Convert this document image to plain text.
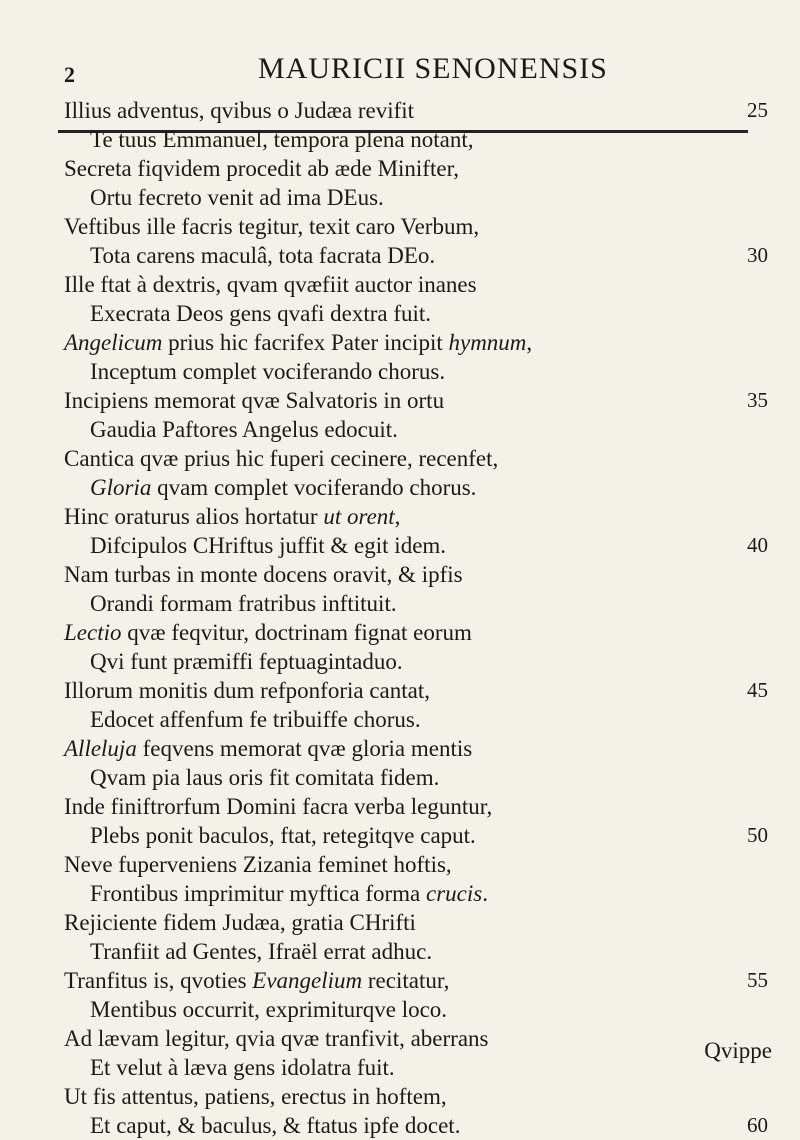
2	MAURICII SENONENSIS
Illius adventus, qvibus o Judæa revifit	25
Te tuus Emmanuel, tempora plena notant,
Secreta fiqvidem procedit ab æde Minifter,
Ortu fecreto venit ad ima DEus.
Veftibus ille facris tegitur, texit caro Verbum,
Tota carens maculâ, tota facrata DEo.	30
Ille ftat à dextris, qvam qvæfiit auctor inanes
Execrata Deos gens qvafi dextra fuit.
Angelicum prius hic facrifex Pater incipit hymnum,
Inceptum complet vociferando chorus.
Incipiens memorat qvæ Salvatoris in ortu	35
Gaudia Paftores Angelus edocuit.
Cantica qvæ prius hic fuperi cecinere, recenfet,
Gloria qvam complet vociferando chorus.
Hinc oraturus alios hortatur ut orent,
Difcipulos CHriftus juffit & egit idem.	40
Nam turbas in monte docens oravit, & ipfis
Orandi formam fratribus inftituit.
Lectio qvæ feqvitur, doctrinam fignat eorum
Qvi funt præmiffi feptuagintaduo.
Illorum monitis dum refponforia cantat,	45
Edocet affenfum fe tribuiffe chorus.
Alleluja feqvens memorat qvæ gloria mentis
Qvam pia laus oris fit comitata fidem.
Inde finiftrorfum Domini facra verba leguntur,
Plebs ponit baculos, ftat, retegitqve caput.	50
Neve fuperveniens Zizania feminet hoftis,
Frontibus imprimitur myftica forma crucis.
Rejiciente fidem Judæa, gratia CHrifti
Tranfiit ad Gentes, Ifraël errat adhuc.
Tranfitus is, qvoties Evangelium recitatur,	55
Mentibus occurrit, exprimiturqve loco.
Ad lævam legitur, qvia qvæ tranfivit, aberrans
Et velut à læva gens idolatra fuit.
Ut fis attentus, patiens, erectus in hoftem,
Et caput, & baculus, & ftatus ipfe docet.	60
Qvippe
